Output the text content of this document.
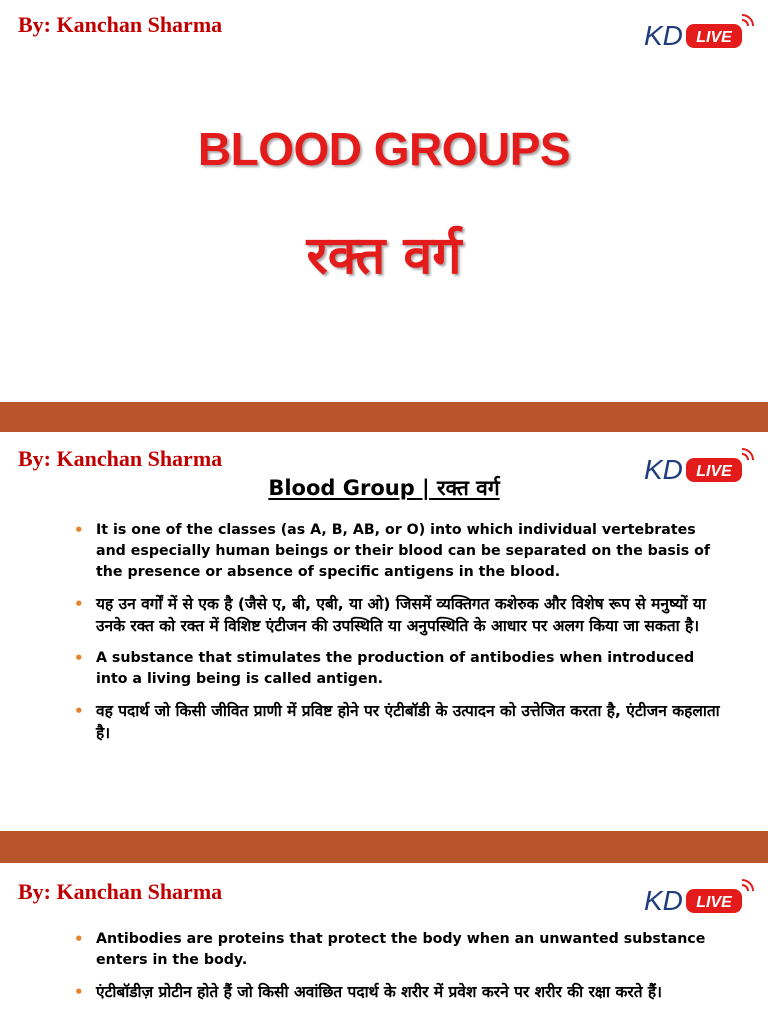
By: Kanchan Sharma	KD LIVE
BLOOD GROUPS
रक्त वर्ग
By: Kanchan Sharma	KD LIVE
Blood Group | रक्त वर्ग
• It is one of the classes (as A, B, AB, or O) into which individual vertebrates and especially human beings or their blood can be separated on the basis of the presence or absence of specific antigens in the blood.
• यह उन वर्गों में से एक है (जैसे ए, बी, एबी, या ओ) जिसमें व्यक्तिगत कशेरुक और विशेष रूप से मनुष्यों या उनके रक्त को रक्त में विशिष्ट एंटीजन की उपस्थिति या अनुपस्थिति के आधार पर अलग किया जा सकता है।
• A substance that stimulates the production of antibodies when introduced into a living being is called antigen.
• वह पदार्थ जो किसी जीवित प्राणी में प्रविष्ट होने पर एंटीबॉडी के उत्पादन को उत्तेजित करता है, एंटीजन कहलाता है।
By: Kanchan Sharma	KD LIVE
• Antibodies are proteins that protect the body when an unwanted substance enters in the body.
• एंटीबॉडीज़ प्रोटीन होते हैं जो किसी अवांछित पदार्थ के शरीर में प्रवेश करने पर शरीर की रक्षा करते हैं।
